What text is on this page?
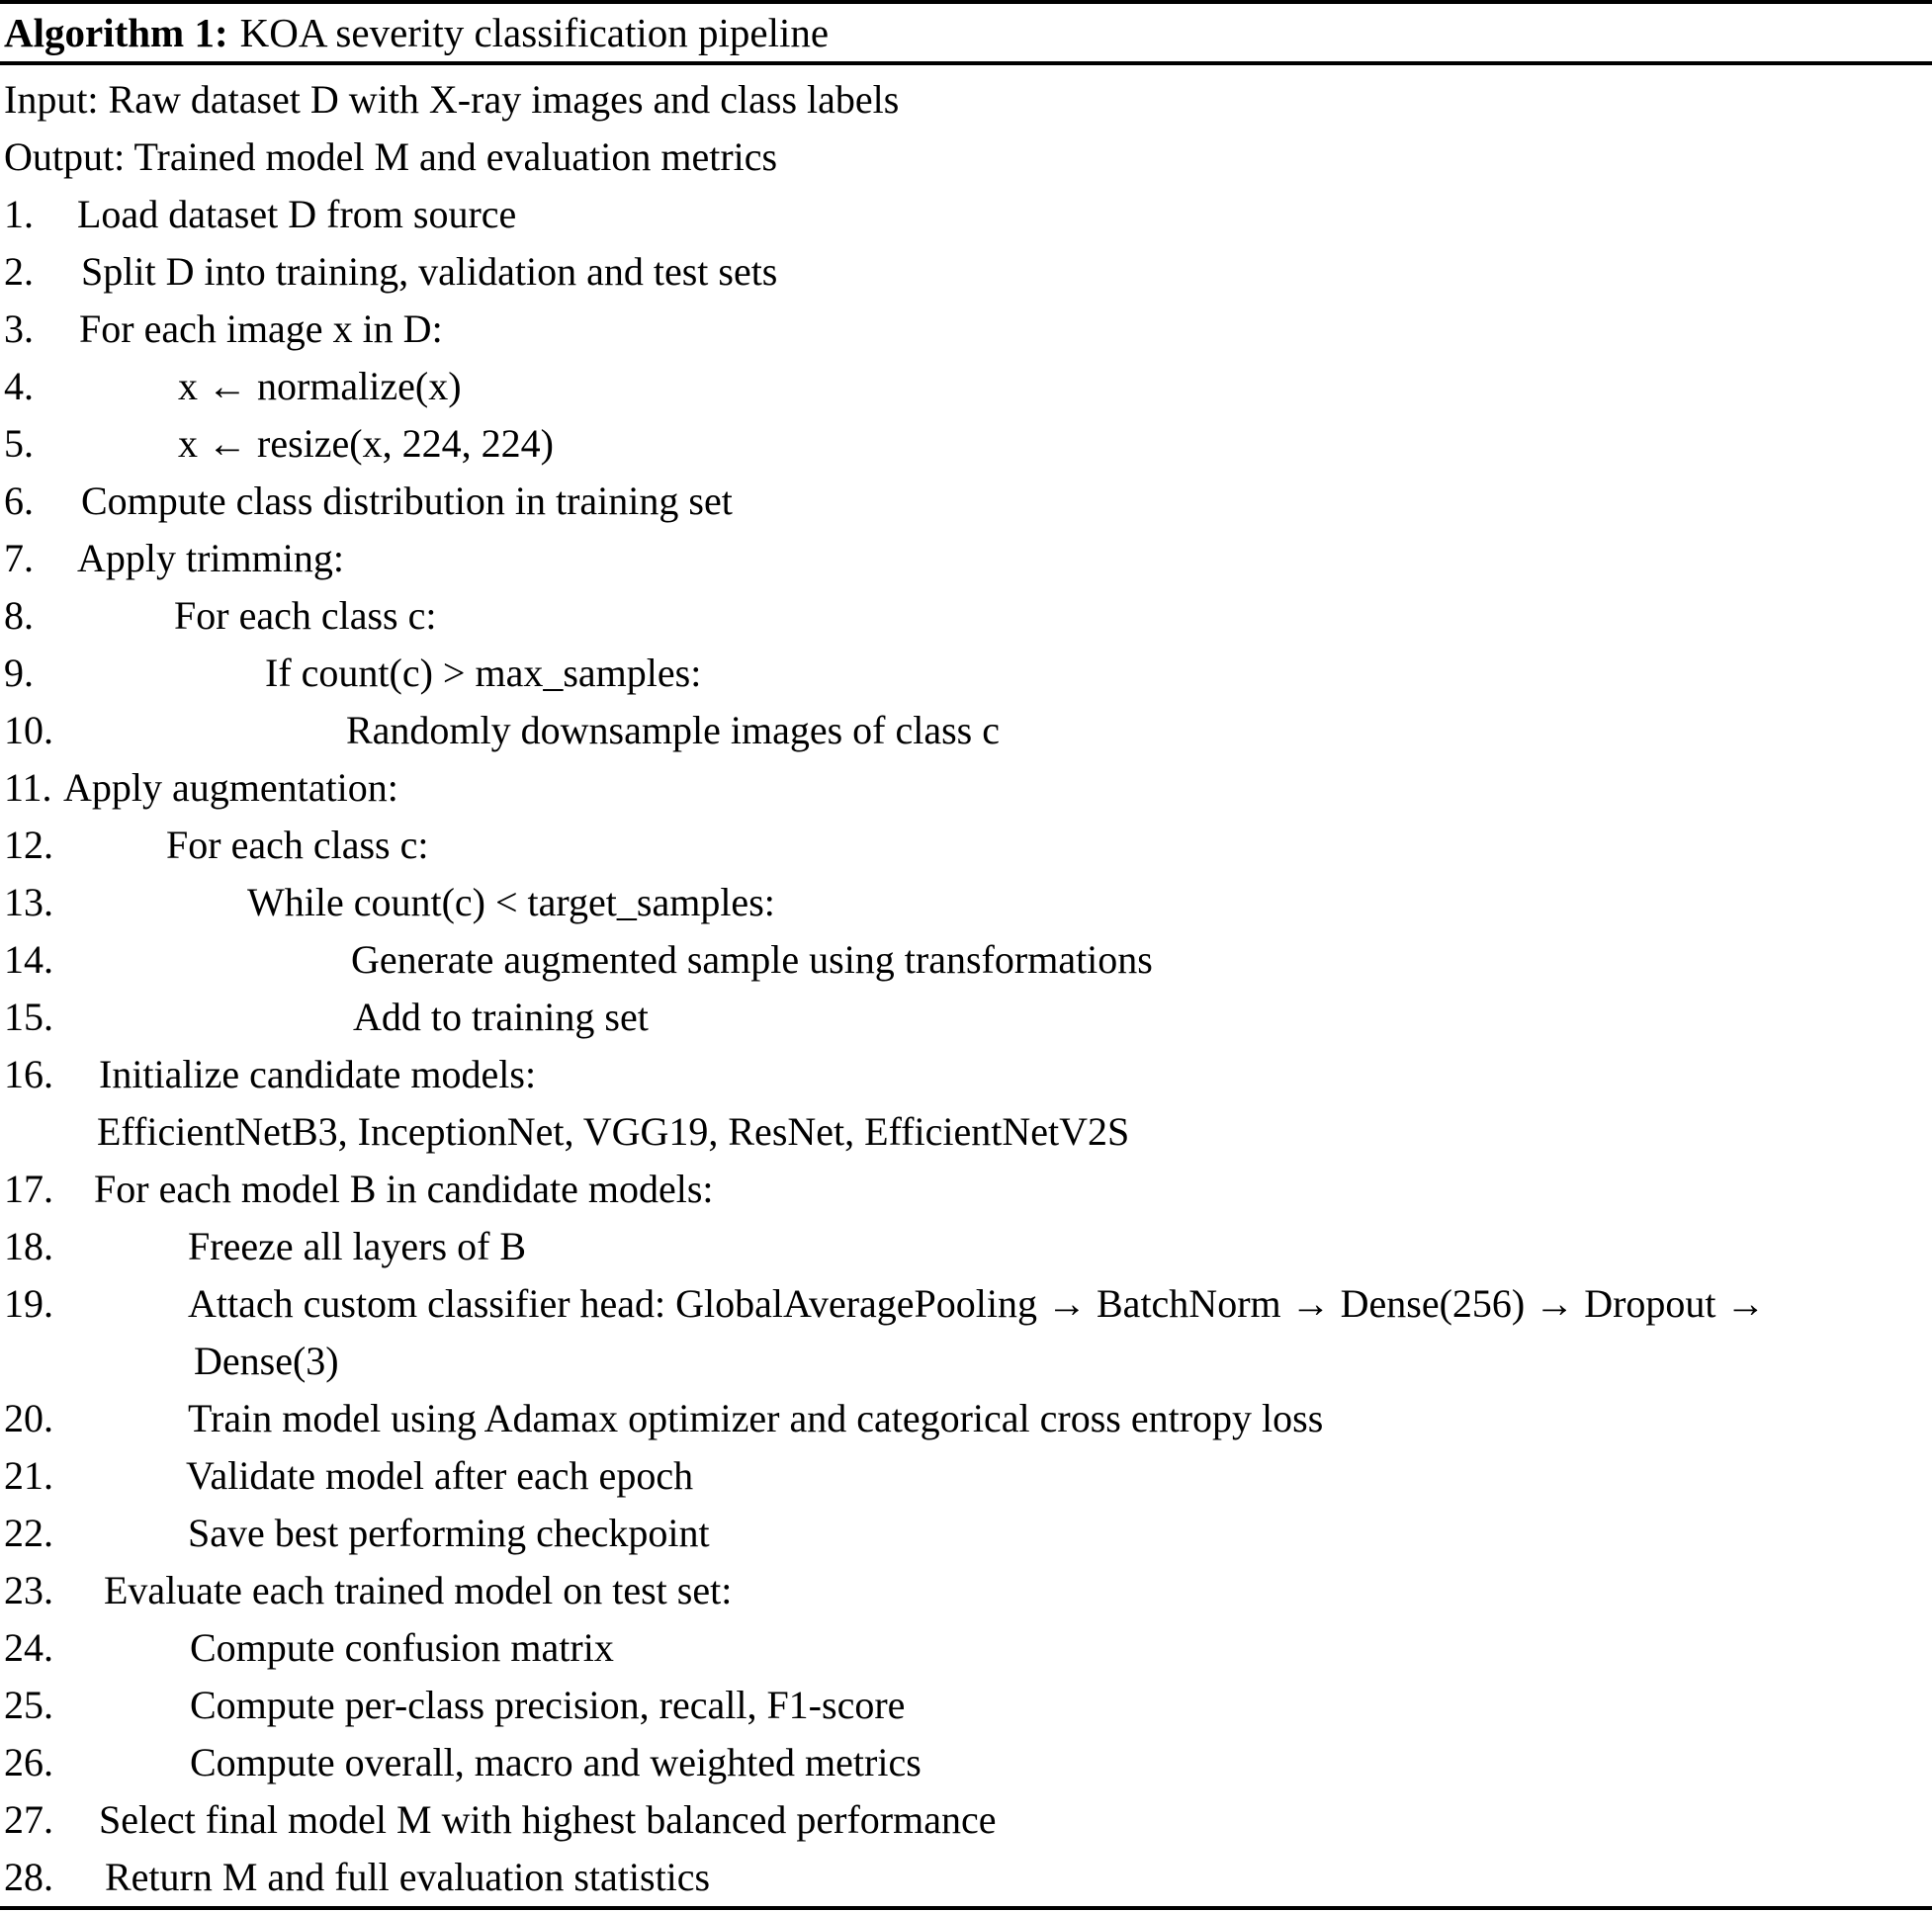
Algorithm 1: KOA severity classification pipeline
Input: Raw dataset D with X-ray images and class labels
Output: Trained model M and evaluation metrics
1. Load dataset D from source
2. Split D into training, validation and test sets
3. For each image x in D:
4.	x ← normalize(x)
5.	x ← resize(x, 224, 224)
6. Compute class distribution in training set
7. Apply trimming:
8.	For each class c:
9.	If count(c) > max_samples:
10.	Randomly downsample images of class c
11. Apply augmentation:
12.	For each class c:
13.	While count(c) < target_samples:
14.	Generate augmented sample using transformations
15.	Add to training set
16. Initialize candidate models:
EfficientNetB3, InceptionNet, VGG19, ResNet, EfficientNetV2S
17. For each model B in candidate models:
18.	Freeze all layers of B
19.	Attach custom classifier head: GlobalAveragePooling → BatchNorm → Dense(256) → Dropout →
Dense(3)
20.	Train model using Adamax optimizer and categorical cross entropy loss
21.	Validate model after each epoch
22.	Save best performing checkpoint
23. Evaluate each trained model on test set:
24.	Compute confusion matrix
25.	Compute per-class precision, recall, F1-score
26.	Compute overall, macro and weighted metrics
27. Select final model M with highest balanced performance
28. Return M and full evaluation statistics
